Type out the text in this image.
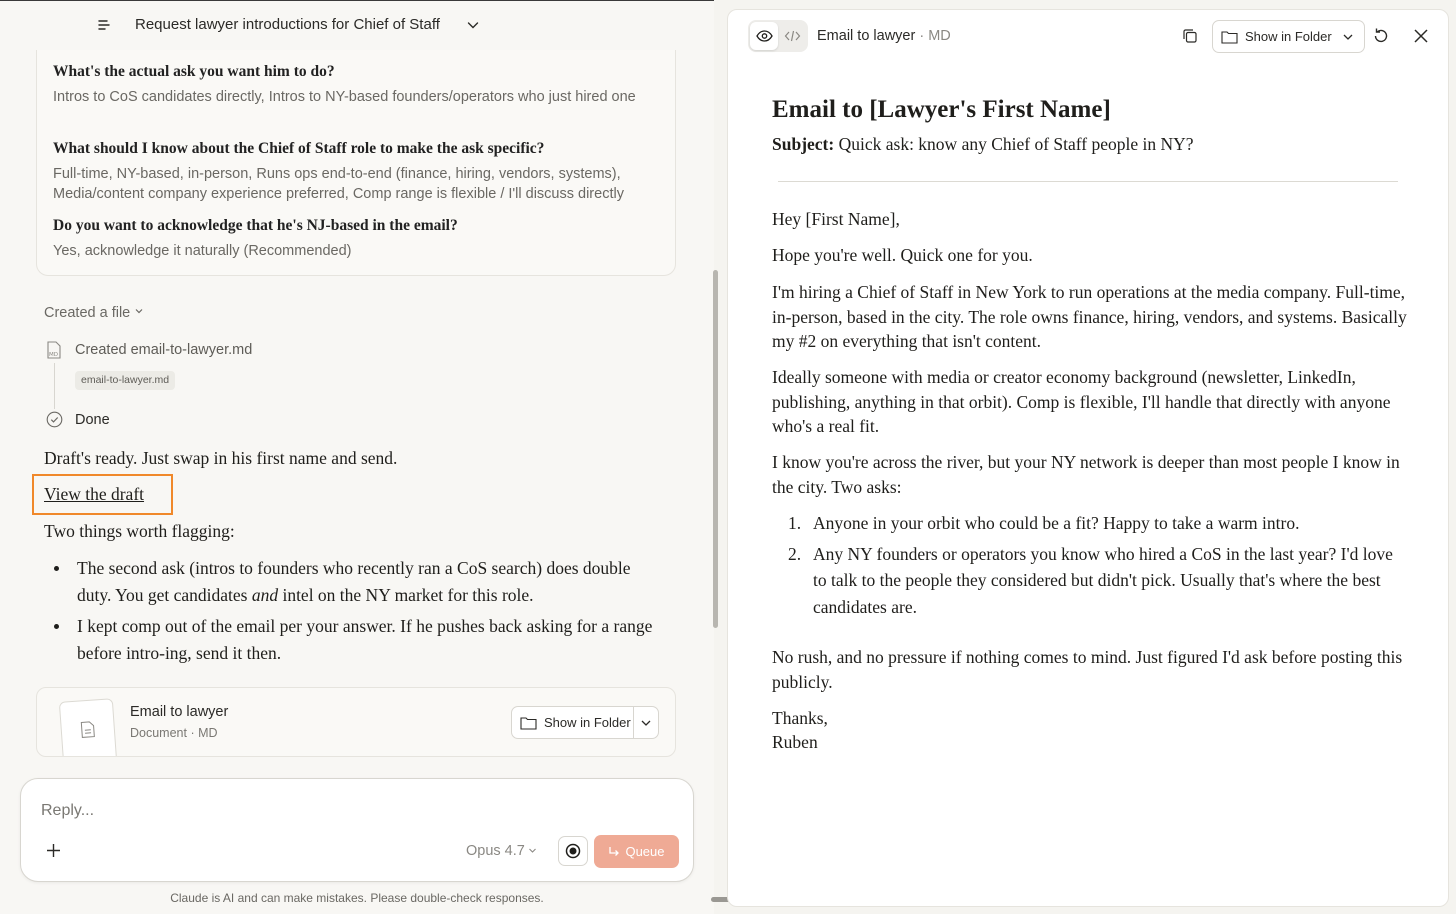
What's the actual ask you want him to do?
Intros to CoS candidates directly, Intros to NY-based founders/operators who just hired one
What should I know about the Chief of Staff role to make the ask specific?
Full-time, NY-based, in-person, Runs ops end-to-end (finance, hiring, vendors, systems), Media/content company experience preferred, Comp range is flexible / I'll discuss directly
Do you want to acknowledge that he's NJ-based in the email?
Yes, acknowledge it naturally (Recommended)
Request lawyer introductions for Chief of Staff
Created a file
MD Created email-to-lawyer.md
email-to-lawyer.md
Done
Draft's ready. Just swap in his first name and send.
View the draft
Two things worth flagging:
The second ask (intros to founders who recently ran a CoS search) does double duty. You get candidates and intel on the NY market for this role.
I kept comp out of the email per your answer. If he pushes back asking for a range before intro-ing, send it then.
Email to lawyer
Document · MD
Show in Folder
Reply...
Opus 4.7	Queue
Claude is AI and can make mistakes. Please double-check responses.
Email to lawyer · MD	Show in Folder
Email to [Lawyer's First Name]
Subject: Quick ask: know any Chief of Staff people in NY?
Hey [First Name],
Hope you're well. Quick one for you.
I'm hiring a Chief of Staff in New York to run operations at the media company. Full-time, in-person, based in the city. The role owns finance, hiring, vendors, and systems. Basically my #2 on everything that isn't content.
Ideally someone with media or creator economy background (newsletter, LinkedIn, publishing, anything in that orbit). Comp is flexible, I'll handle that directly with anyone who's a real fit.
I know you're across the river, but your NY network is deeper than most people I know in the city. Two asks:
1. Anyone in your orbit who could be a fit? Happy to take a warm intro.
2. Any NY founders or operators you know who hired a CoS in the last year? I'd love to talk to the people they considered but didn't pick. Usually that's where the best candidates are.
No rush, and no pressure if nothing comes to mind. Just figured I'd ask before posting this publicly.
Thanks,
Ruben
